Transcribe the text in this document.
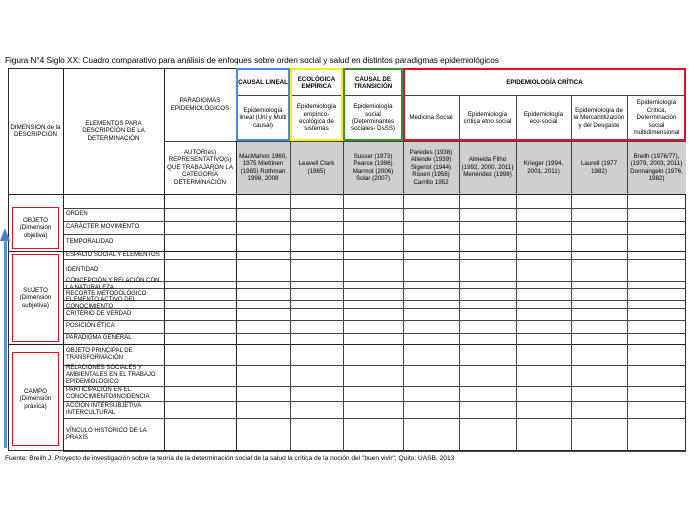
Figura N°4 Siglo XX: Cuadro comparativo para análisis de enfoques sobre orden social y salud en distintos paradigmas epidemiológicos
DIMENSION de la DESCRIPCIÓN
ELEMENTOS PARA DESCRIPCIÓN DE LA DETERMINACIÓN
PARADIGMAS EPIDEMIOLÓGICOS
AUTOR(es) REPRESENTATIVO(s) QUE TRABAJARON LA CATEGORÍA DETERMINACIÓN
CAUSAL LINEAL	ECOLÓGICA EMPÍRICA
CAUSAL DE TRANSICIÓN	EPIDEMIOLOGÍA CRÍTICA
Epidemiología lineal (Uni y Multi causal)
MacMahon 1960, 1975 Miettinen (1985) Rothman 1998, 2008
Epidemiología empírico-ecológica de sistemas
Leavell Clark (1965)
Epidemiología social (Determinantes sociales- DsSS)
Susser (1973) Pearce (1996) Marmot (2006) Solar (2007)
Medicina Social
Paredes (1938) Allende (1939) Sigerist (1944) Rosen (1958) Carrillo 1952
Epidemiología crítica etno social
Almeida Filho (1992, 2000, 2011) Menéndez (1998)
Epidemiología eco-social
Krieger (1994, 2001, 2011)
Epidemiología de la Mercantilización y del Desgaste
Laurell (1977 1982)
Epidemiología Crítica, Determinación social multidimensional
Breilh (1976/77), (1979, 2003, 2011) Donnangelo (1976, 1982)
ORDEN
CARÁCTER MOVIMIENTO
TEMPORALIDAD
ESPACIO SOCIAL Y ELEMENTOS
IDENTIDAD
CONCEPCIÓN Y RELACIÓN CON LA NATURALEZA
RECORTE METODOLÓGICO
ELEMENTO ACTIVO DEL CONOCIMIENTO
CRITERIO DE VERDAD
POSICIÓN ÉTICA
PARADIGMA GENERAL
OBJETO PRINCIPAL DE TRANSFORMACIÓN
RELACIONES SOCIALES Y AMBIENTALES EN EL TRABAJO EPIDEMIOLÓGICO
PARTICIPACIÓN EN EL CONOCIMIENTO/INCIDENCIA
ACCIÓN INTERSUBJETIVA INTERCULTURAL
VÍNCULO HISTÓRICO DE LA PRAXIS
OBJETO (Dimensión objetiva)
SUJETO (Dimensión subjetiva)
CAMPO (Dimensión práxica)
Fuente: Breilh J. Proyecto de investigación sobre la teoría de la determinación social de la salud la crítica de la noción del "buen vivir"; Quito: UASB, 2013
